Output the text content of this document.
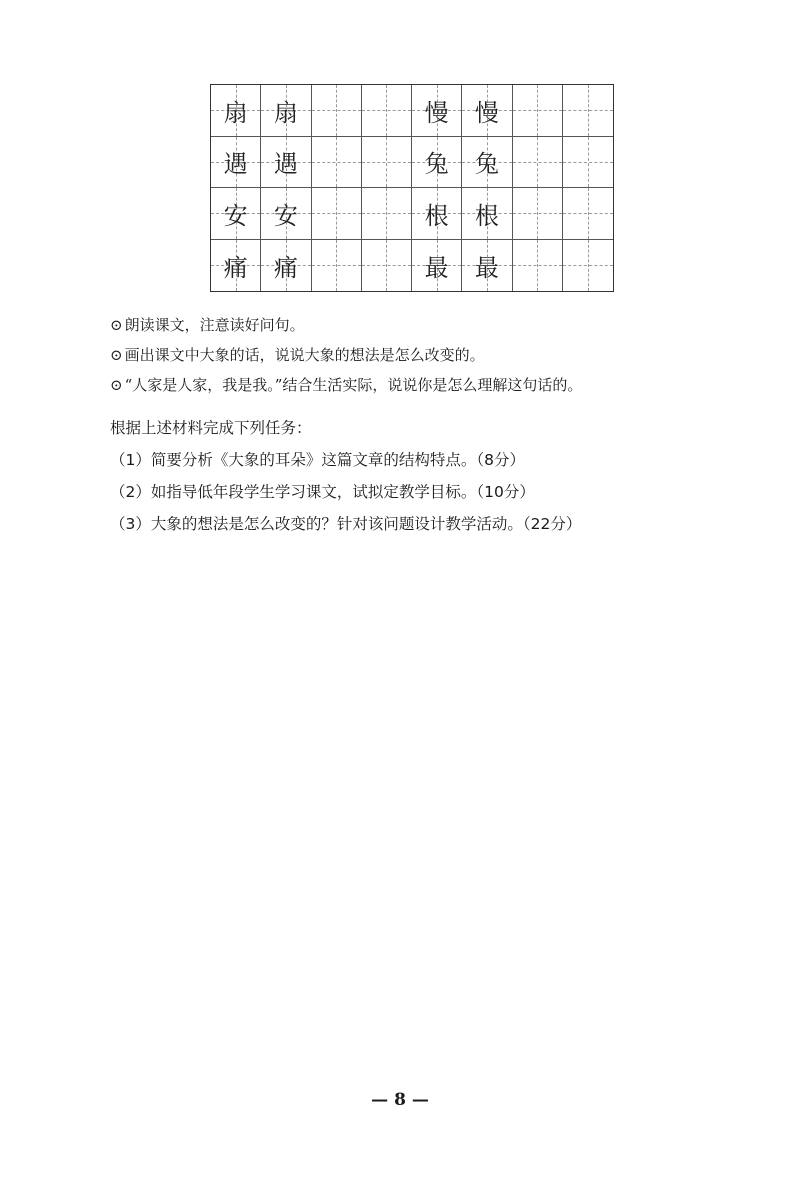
扇 扇	慢 慢
遇 遇	兔 兔
安 安	根 根
痛 痛	最 最
⊙ 朗读课文，注意读好问句。
⊙ 画出课文中大象的话，说说大象的想法是怎么改变的。
⊙ “人家是人家，我是我。”结合生活实际，说说你是怎么理解这句话的。
根据上述材料完成下列任务：
（1）简要分析《大象的耳朵》这篇文章的结构特点。（8分）
（2）如指导低年段学生学习课文，试拟定教学目标。（10分）
（3）大象的想法是怎么改变的？针对该问题设计教学活动。（22分）
— 8 —
